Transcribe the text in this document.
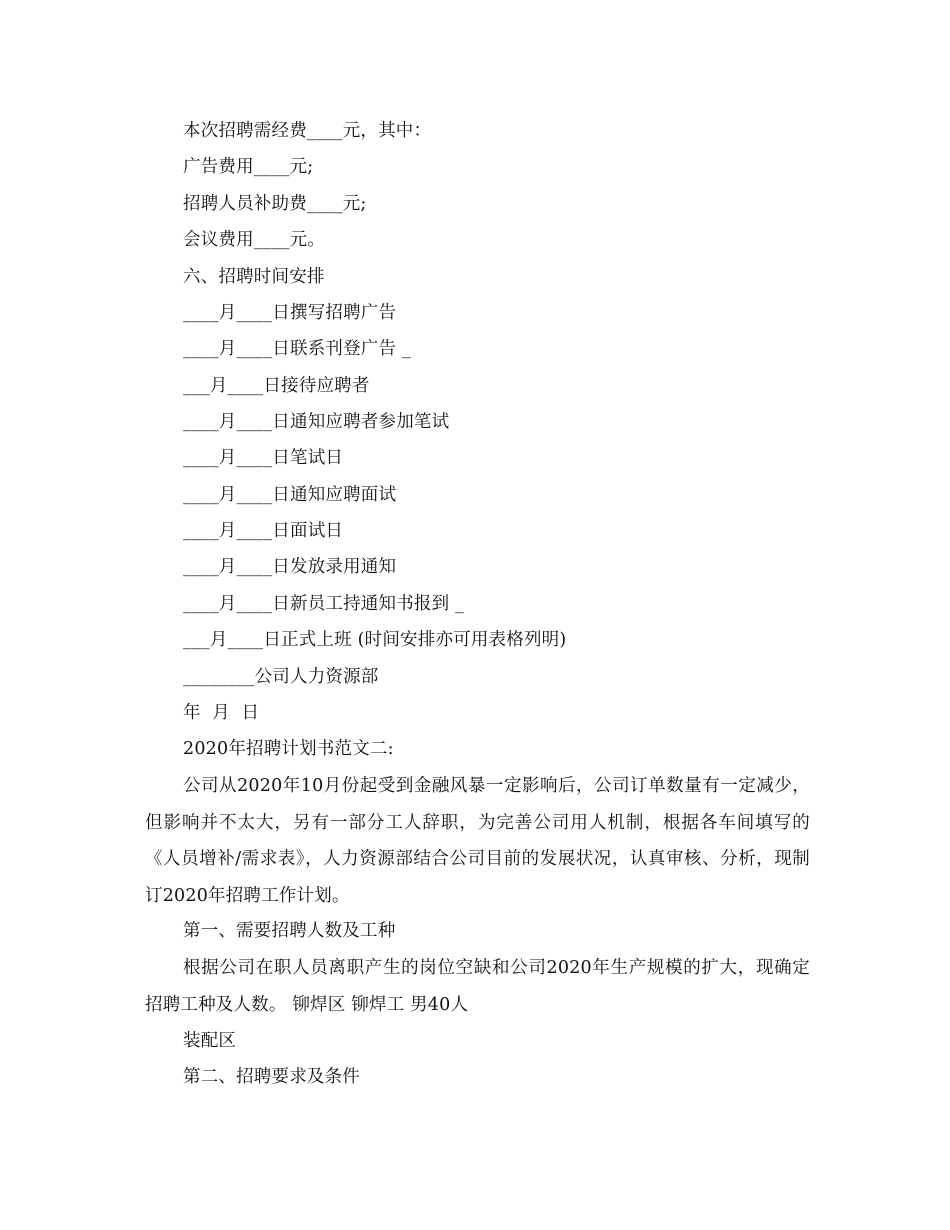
本次招聘需经费____元，其中：
广告费用____元;
招聘人员补助费____元;
会议费用____元。
六、招聘时间安排
____月____日撰写招聘广告
____月____日联系刊登广告 _
___月____日接待应聘者
____月____日通知应聘者参加笔试
____月____日笔试日
____月____日通知应聘面试
____月____日面试日
____月____日发放录用通知
____月____日新员工持通知书报到 _
___月____日正式上班 (时间安排亦可用表格列明)
________公司人力资源部
年  月  日
2020年招聘计划书范文二:
公司从2020年10月份起受到金融风暴一定影响后，公司订单数量有一定减少，但影响并不太大，另有一部分工人辞职，为完善公司用人机制，根据各车间填写的《人员增补/需求表》，人力资源部结合公司目前的发展状况，认真审核、分析，现制订2020年招聘工作计划。
第一、需要招聘人数及工种
根据公司在职人员离职产生的岗位空缺和公司2020年生产规模的扩大，现确定招聘工种及人数。 铆焊区 铆焊工 男40人
装配区
第二、招聘要求及条件
